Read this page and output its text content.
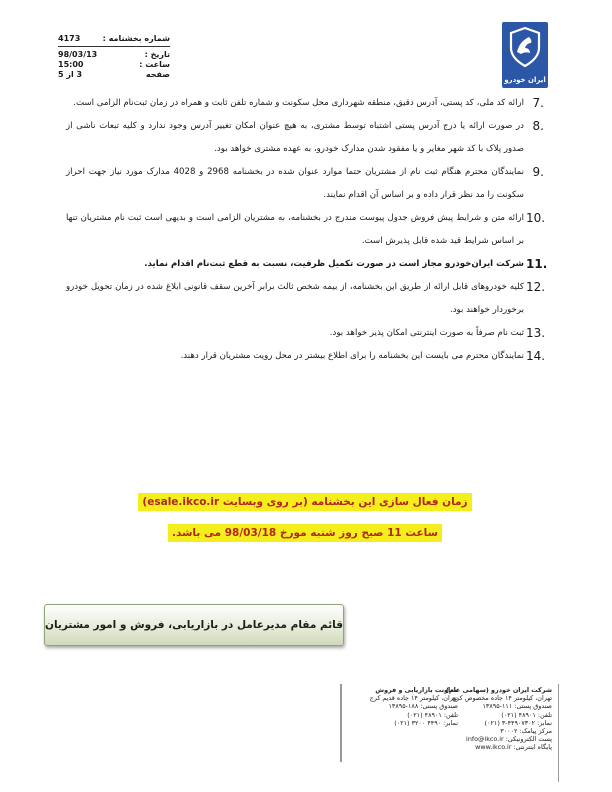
شماره بخشنامه :
4173
تاریخ :
98/03/13
ساعت :
15:00
صفحه
3 از 5
ایران خودرو
7.
ارائه کد ملی، کد پستی، آدرس دقیق، منطقه شهرداری محل سکونت و شماره تلفن ثابت و همراه در زمان ثبت‌نام الزامی است.
8.
در صورت ارائه یا درج آدرس پستی اشتباه توسط مشتری، به هیچ عنوان امکان تغییر آدرس وجود ندارد و کلیه تبعات ناشی از صدور پلاک با کد شهر مغایر و یا مفقود شدن مدارک خودرو، به عهده مشتری خواهد بود.
9.
نمایندگان محترم هنگام ثبت نام از مشتریان حتما موارد عنوان شده در بخشنامه 2968 و 4028 مدارک مورد نیاز جهت احراز سکونت را مد نظر قرار داده و بر اساس آن اقدام نمایند.
10.
ارائه متن و شرایط پیش فروش جدول پیوست مندرج در بخشنامه، به مشتریان الزامی است و بدیهی است ثبت نام مشتریان تنها بر اساس شرایط قید شده قابل پذیرش است.
11.
شرکت ایران‌خودرو مجاز است در صورت تکمیل ظرفیت، نسبت به قطع ثبت‌نام اقدام نماید.
12.
کلیه خودروهای قابل ارائه از طریق این بخشنامه، از بیمه شخص ثالث برابر آخرین سقف قانونی ابلاغ شده در زمان تحویل خودرو برخوردار خواهند بود.
13.
ثبت نام صرفاً به صورت اینترنتی امکان پذیر خواهد بود.
14.
نمایندگان محترم می بایست این بخشنامه را برای اطلاع بیشتر در محل رویت مشتریان قرار دهند.
زمان فعال سازی این بخشنامه (بر روی وبسایت esale.ikco.ir)
ساعت 11 صبح روز شنبه مورخ 98/03/18 می باشد.
قائم مقام مدیرعامل در بازاریابی، فروش و امور مشتریان
شرکت ایران خودرو (سهامی عام)
تهران، کیلومتر ۱۴ جاده مخصوص کرج
صندوق پستی: ۱۱۱-۱۳۸۹۵
تلفن: ۴۸۹۰۱ (۰۲۱)
نمابر: ۴۴۹۰۷۳۰۲-۳ (۰۲۱)
مرکز پیامک: ۳۰۰۰۲
پست الکترونیکی: info@ikco.ir
پایگاه اینترنتی: www.ikco.ir
معاونت بازاریابی و فروش
تهران، کیلومتر ۱۴ جاده قدیم کرج
صندوق پستی: ۱۸۸-۱۳۸۹۵
تلفن: ۴۸۹۰۱ (۰۲۱)
نمابر: ۴۴۹۰ ۳۲۰۰ (۰۲۱)
